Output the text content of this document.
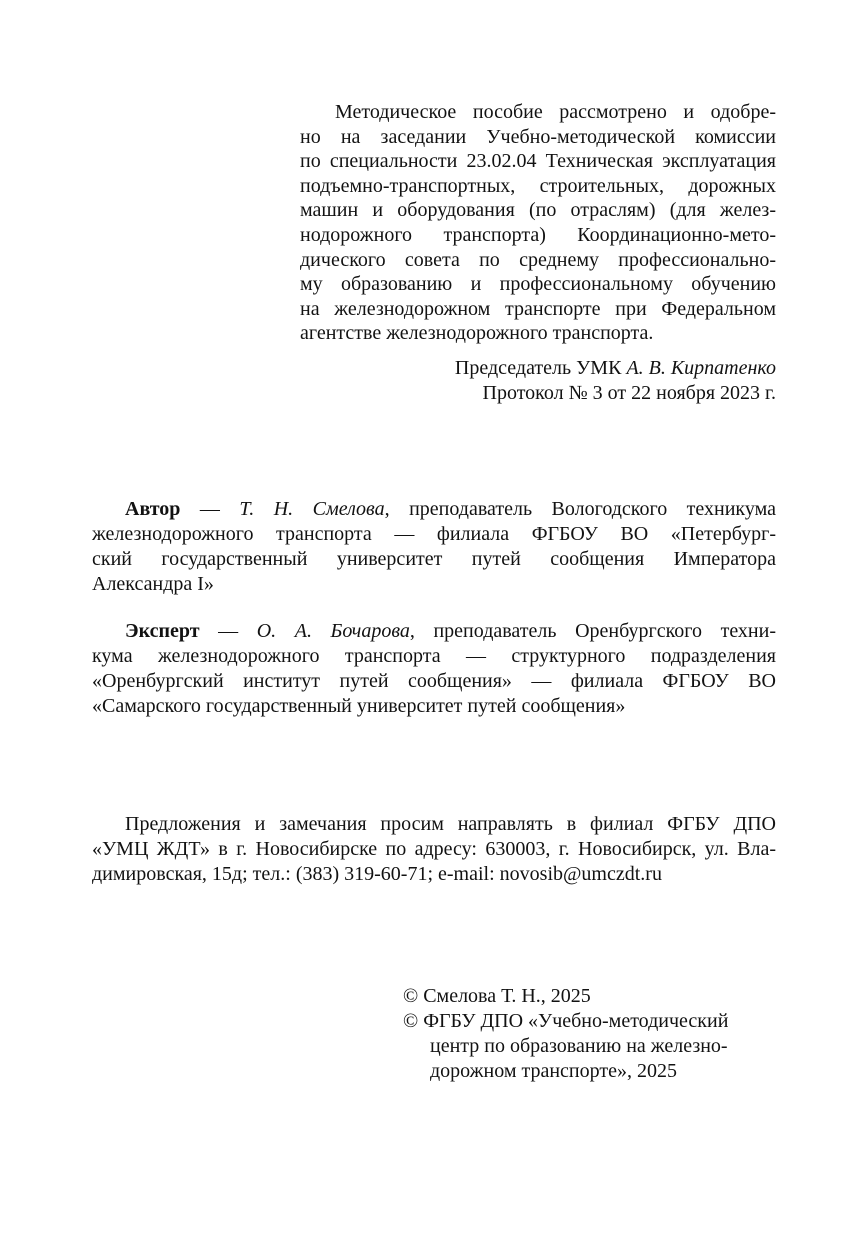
Методическое пособие рассмотрено и одобре-
но на заседании Учебно-методической комиссии
по специальности 23.02.04 Техническая эксплуатация
подъемно-транспортных, строительных, дорожных
машин и оборудования (по отраслям) (для желез-
нодорожного транспорта) Координационно-мето-
дического совета по среднему профессионально-
му образованию и профессиональному обучению
на железнодорожном транспорте при Федеральном
агентстве железнодорожного транспорта.
Председатель УМК А. В. Кирпатенко
Протокол № 3 от 22 ноября 2023 г.
Автор — Т. Н. Смелова, преподаватель Вологодского техникума
железнодорожного транспорта — филиала ФГБОУ ВО «Петербург-
ский государственный университет путей сообщения Императора
Александра I»
Эксперт — О. А. Бочарова, преподаватель Оренбургского техни-
кума железнодорожного транспорта — структурного подразделения
«Оренбургский институт путей сообщения» — филиала ФГБОУ ВО
«Самарского государственный университет путей сообщения»
Предложения и замечания просим направлять в филиал ФГБУ ДПО
«УМЦ ЖДТ» в г. Новосибирске по адресу: 630003, г. Новосибирск, ул. Вла-
димировская, 15д; тел.: (383) 319-60-71; e-mail: novosib@umczdt.ru
© Смелова Т. Н., 2025
© ФГБУ ДПО «Учебно-методический
центр по образованию на железно-
дорожном транспорте», 2025
